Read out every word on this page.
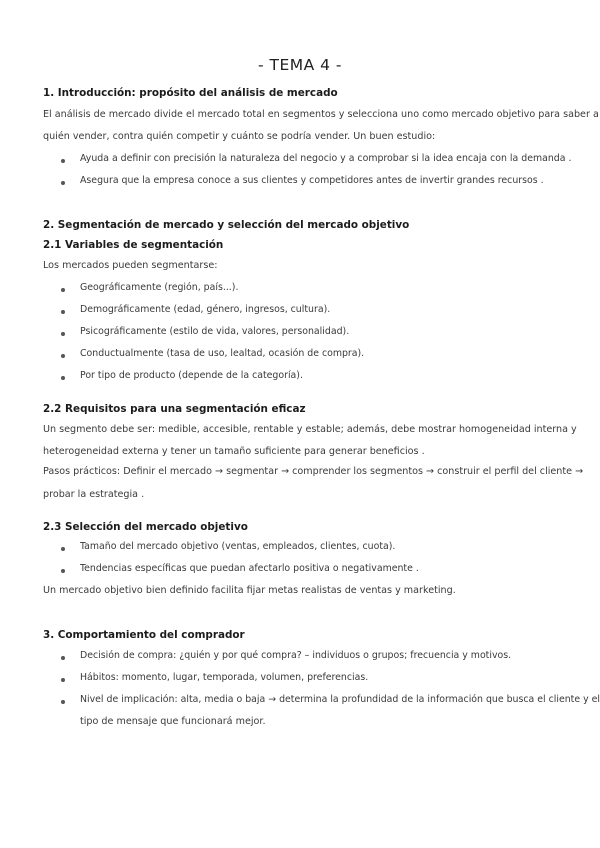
- TEMA 4 -
1. Introducción: propósito del análisis de mercado
El análisis de mercado divide el mercado total en segmentos y selecciona uno como mercado objetivo para saber a
quién vender, contra quién competir y cuánto se podría vender. Un buen estudio:
Ayuda a definir con precisión la naturaleza del negocio y a comprobar si la idea encaja con la demanda .
Asegura que la empresa conoce a sus clientes y competidores antes de invertir grandes recursos .
2. Segmentación de mercado y selección del mercado objetivo
2.1 Variables de segmentación
Los mercados pueden segmentarse:
Geográficamente (región, país...).
Demográficamente (edad, género, ingresos, cultura).
Psicográficamente (estilo de vida, valores, personalidad).
Conductualmente (tasa de uso, lealtad, ocasión de compra).
Por tipo de producto (depende de la categoría).
2.2 Requisitos para una segmentación eficaz
Un segmento debe ser: medible, accesible, rentable y estable; además, debe mostrar homogeneidad interna y
heterogeneidad externa y tener un tamaño suficiente para generar beneficios .
Pasos prácticos: Definir el mercado → segmentar → comprender los segmentos → construir el perfil del cliente →
probar la estrategia .
2.3 Selección del mercado objetivo
Tamaño del mercado objetivo (ventas, empleados, clientes, cuota).
Tendencias específicas que puedan afectarlo positiva o negativamente .
Un mercado objetivo bien definido facilita fijar metas realistas de ventas y marketing.
3. Comportamiento del comprador
Decisión de compra: ¿quién y por qué compra? – individuos o grupos; frecuencia y motivos.
Hábitos: momento, lugar, temporada, volumen, preferencias.
Nivel de implicación: alta, media o baja → determina la profundidad de la información que busca el cliente y el
tipo de mensaje que funcionará mejor.
